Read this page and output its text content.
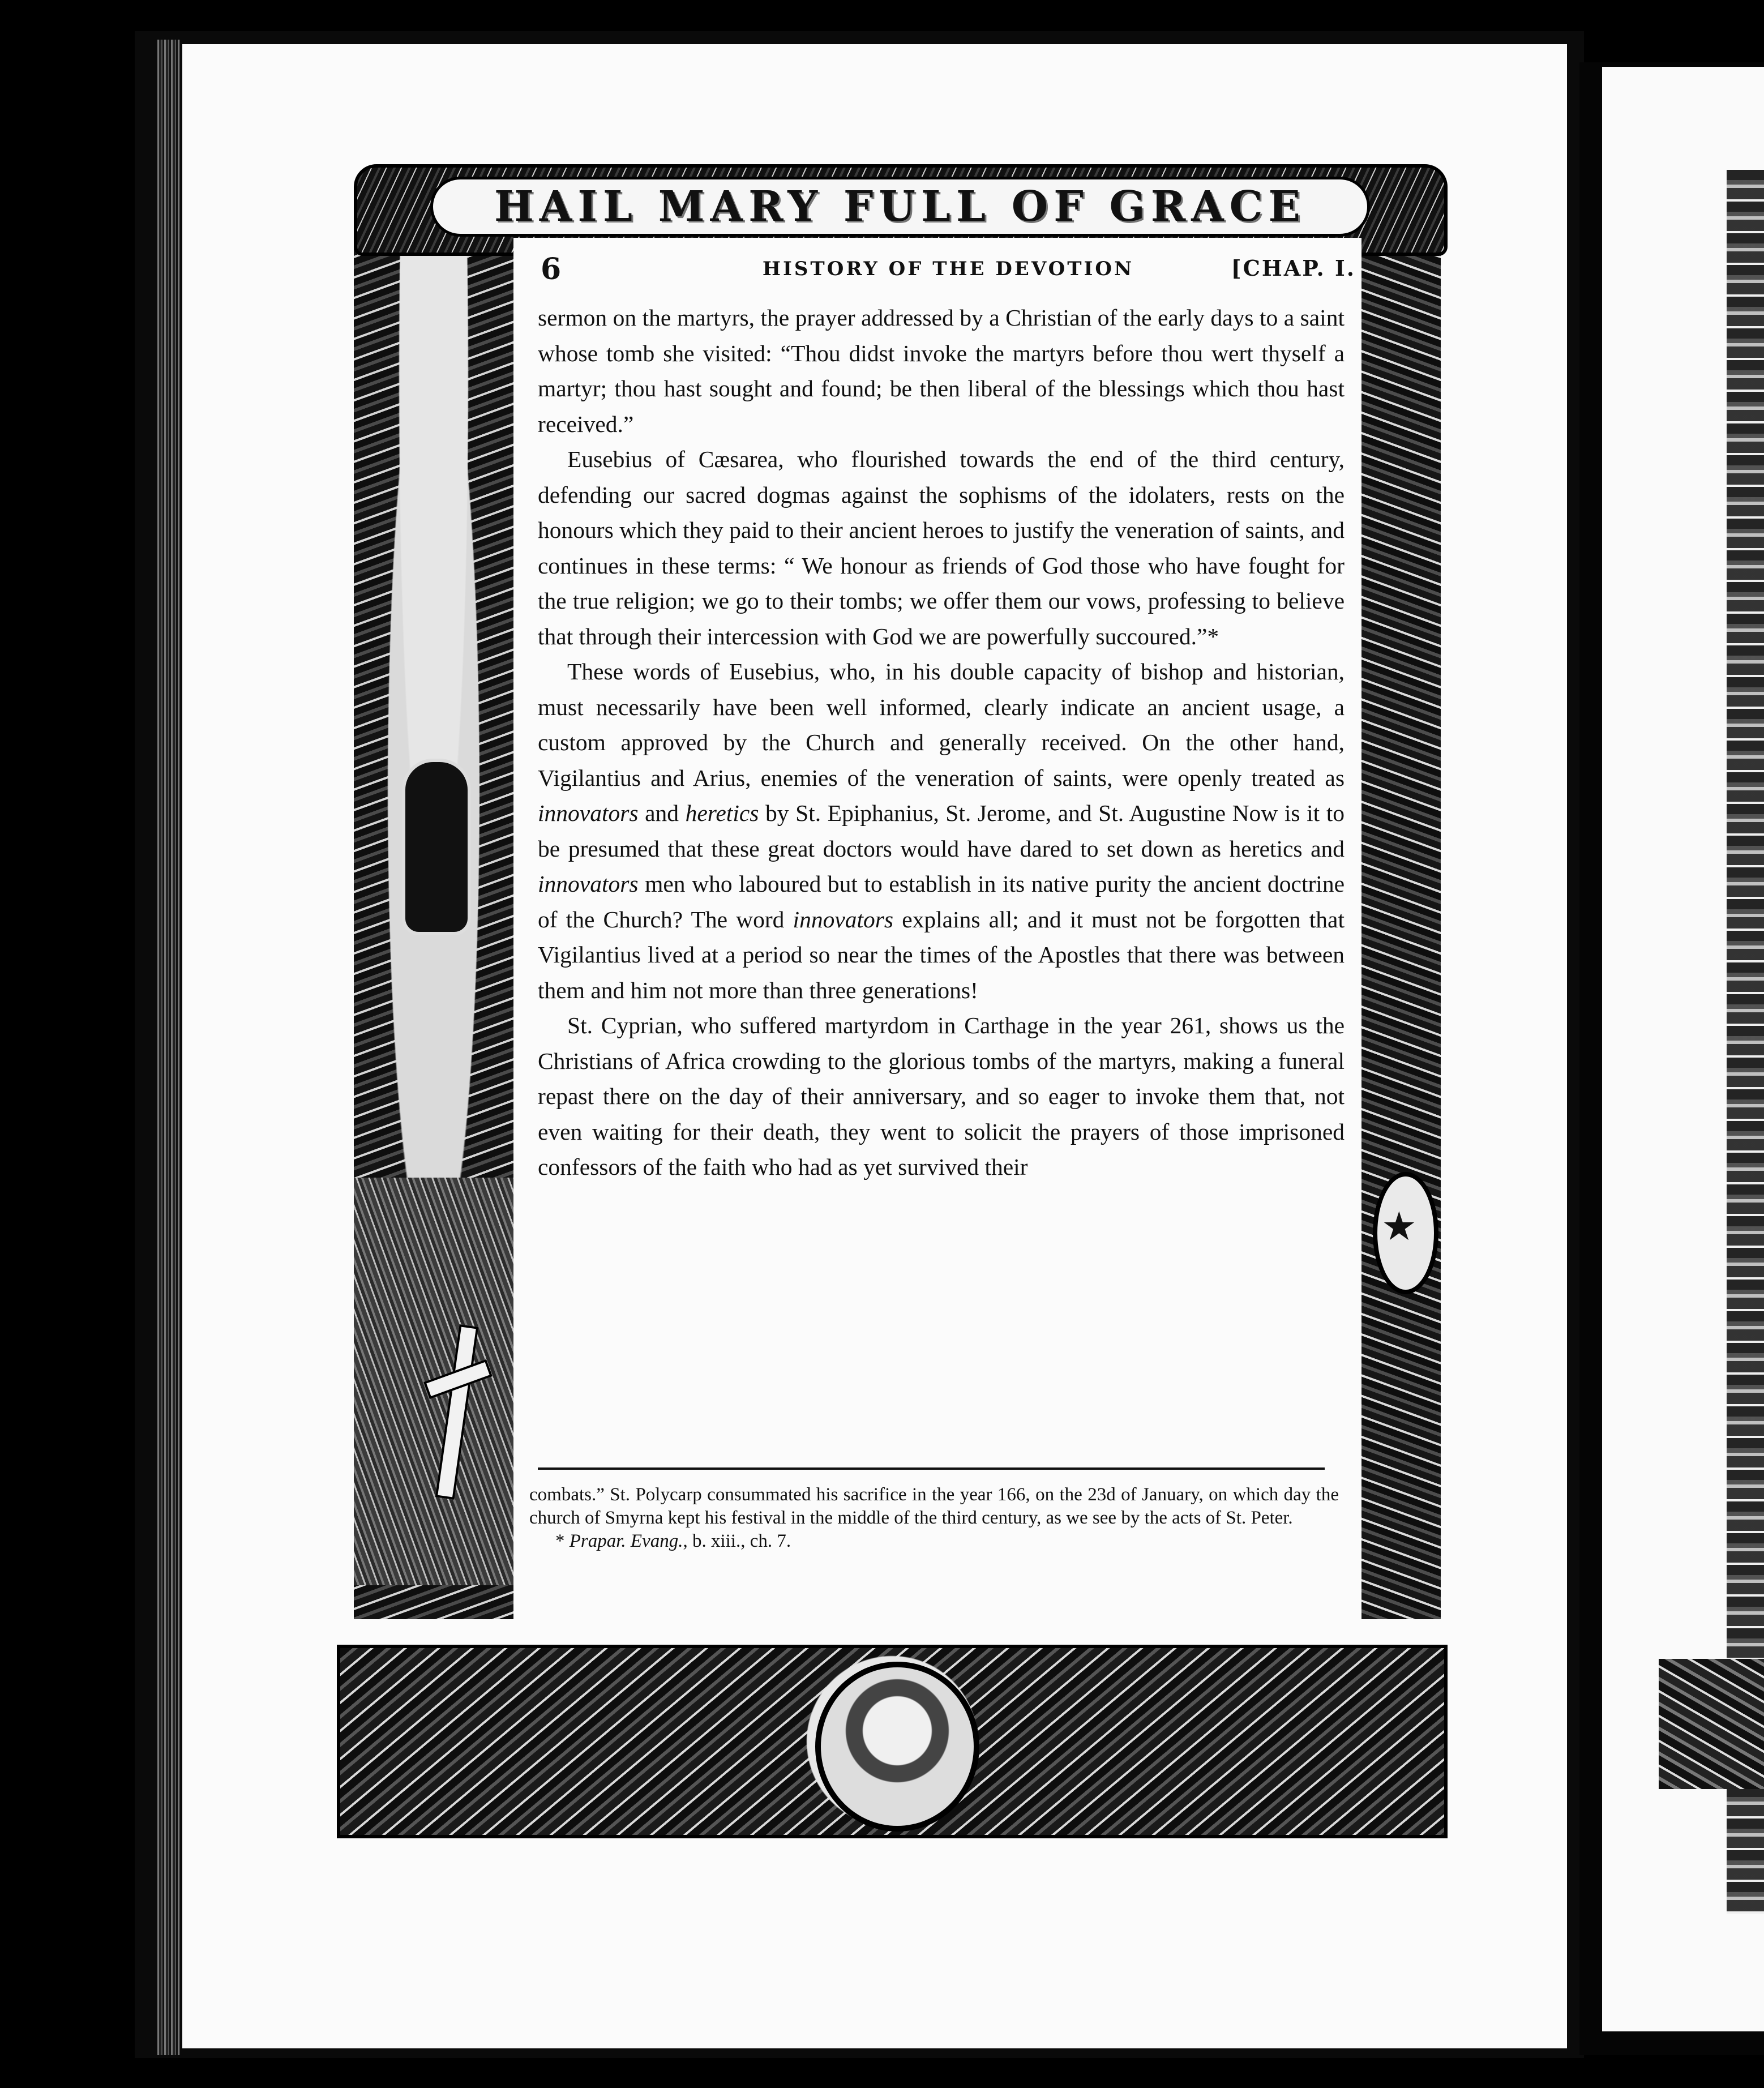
★
HAIL MARY FULL OF GRACE
6	HISTORY OF THE DEVOTION	[CHAP. I.

sermon on the martyrs, the prayer addressed by a Christian of the early days to a saint whose tomb she visited: “Thou didst invoke the martyrs before thou wert thyself a martyr; thou hast sought and found; be then liberal of the blessings which thou hast received.”

Eusebius of Cæsarea, who flourished towards the end of the third century, defending our sacred dogmas against the sophisms of the idolaters, rests on the honours which they paid to their ancient heroes to justify the veneration of saints, and continues in these terms: “ We honour as friends of God those who have fought for the true religion; we go to their tombs; we offer them our vows, professing to believe that through their intercession with God we are powerfully succoured.”*

These words of Eusebius, who, in his double capacity of bishop and historian, must necessarily have been well informed, clearly indicate an ancient usage, a custom approved by the Church and generally received. On the other hand, Vigilantius and Arius, enemies of the veneration of saints, were openly treated as innovators and heretics by St. Epiphanius, St. Jerome, and St. Augustine Now is it to be presumed that these great doctors would have dared to set down as heretics and innovators men who laboured but to establish in its native purity the ancient doctrine of the Church? The word innovators explains all; and it must not be forgotten that Vigilantius lived at a period so near the times of the Apostles that there was between them and him not more than three generations!

St. Cyprian, who suffered martyrdom in Carthage in the year 261, shows us the Christians of Africa crowding to the glorious tombs of the martyrs, making a funeral repast there on the day of their anniversary, and so eager to invoke them that, not even waiting for their death, they went to solicit the prayers of those imprisoned confessors of the faith who had as yet survived their

combats.” St. Polycarp consummated his sacrifice in the year 166, on the 23d of January, on which day the church of Smyrna kept his festival in the middle of the third century, as we see by the acts of St. Peter.

* Prapar. Evang., b. xiii., ch. 7.
